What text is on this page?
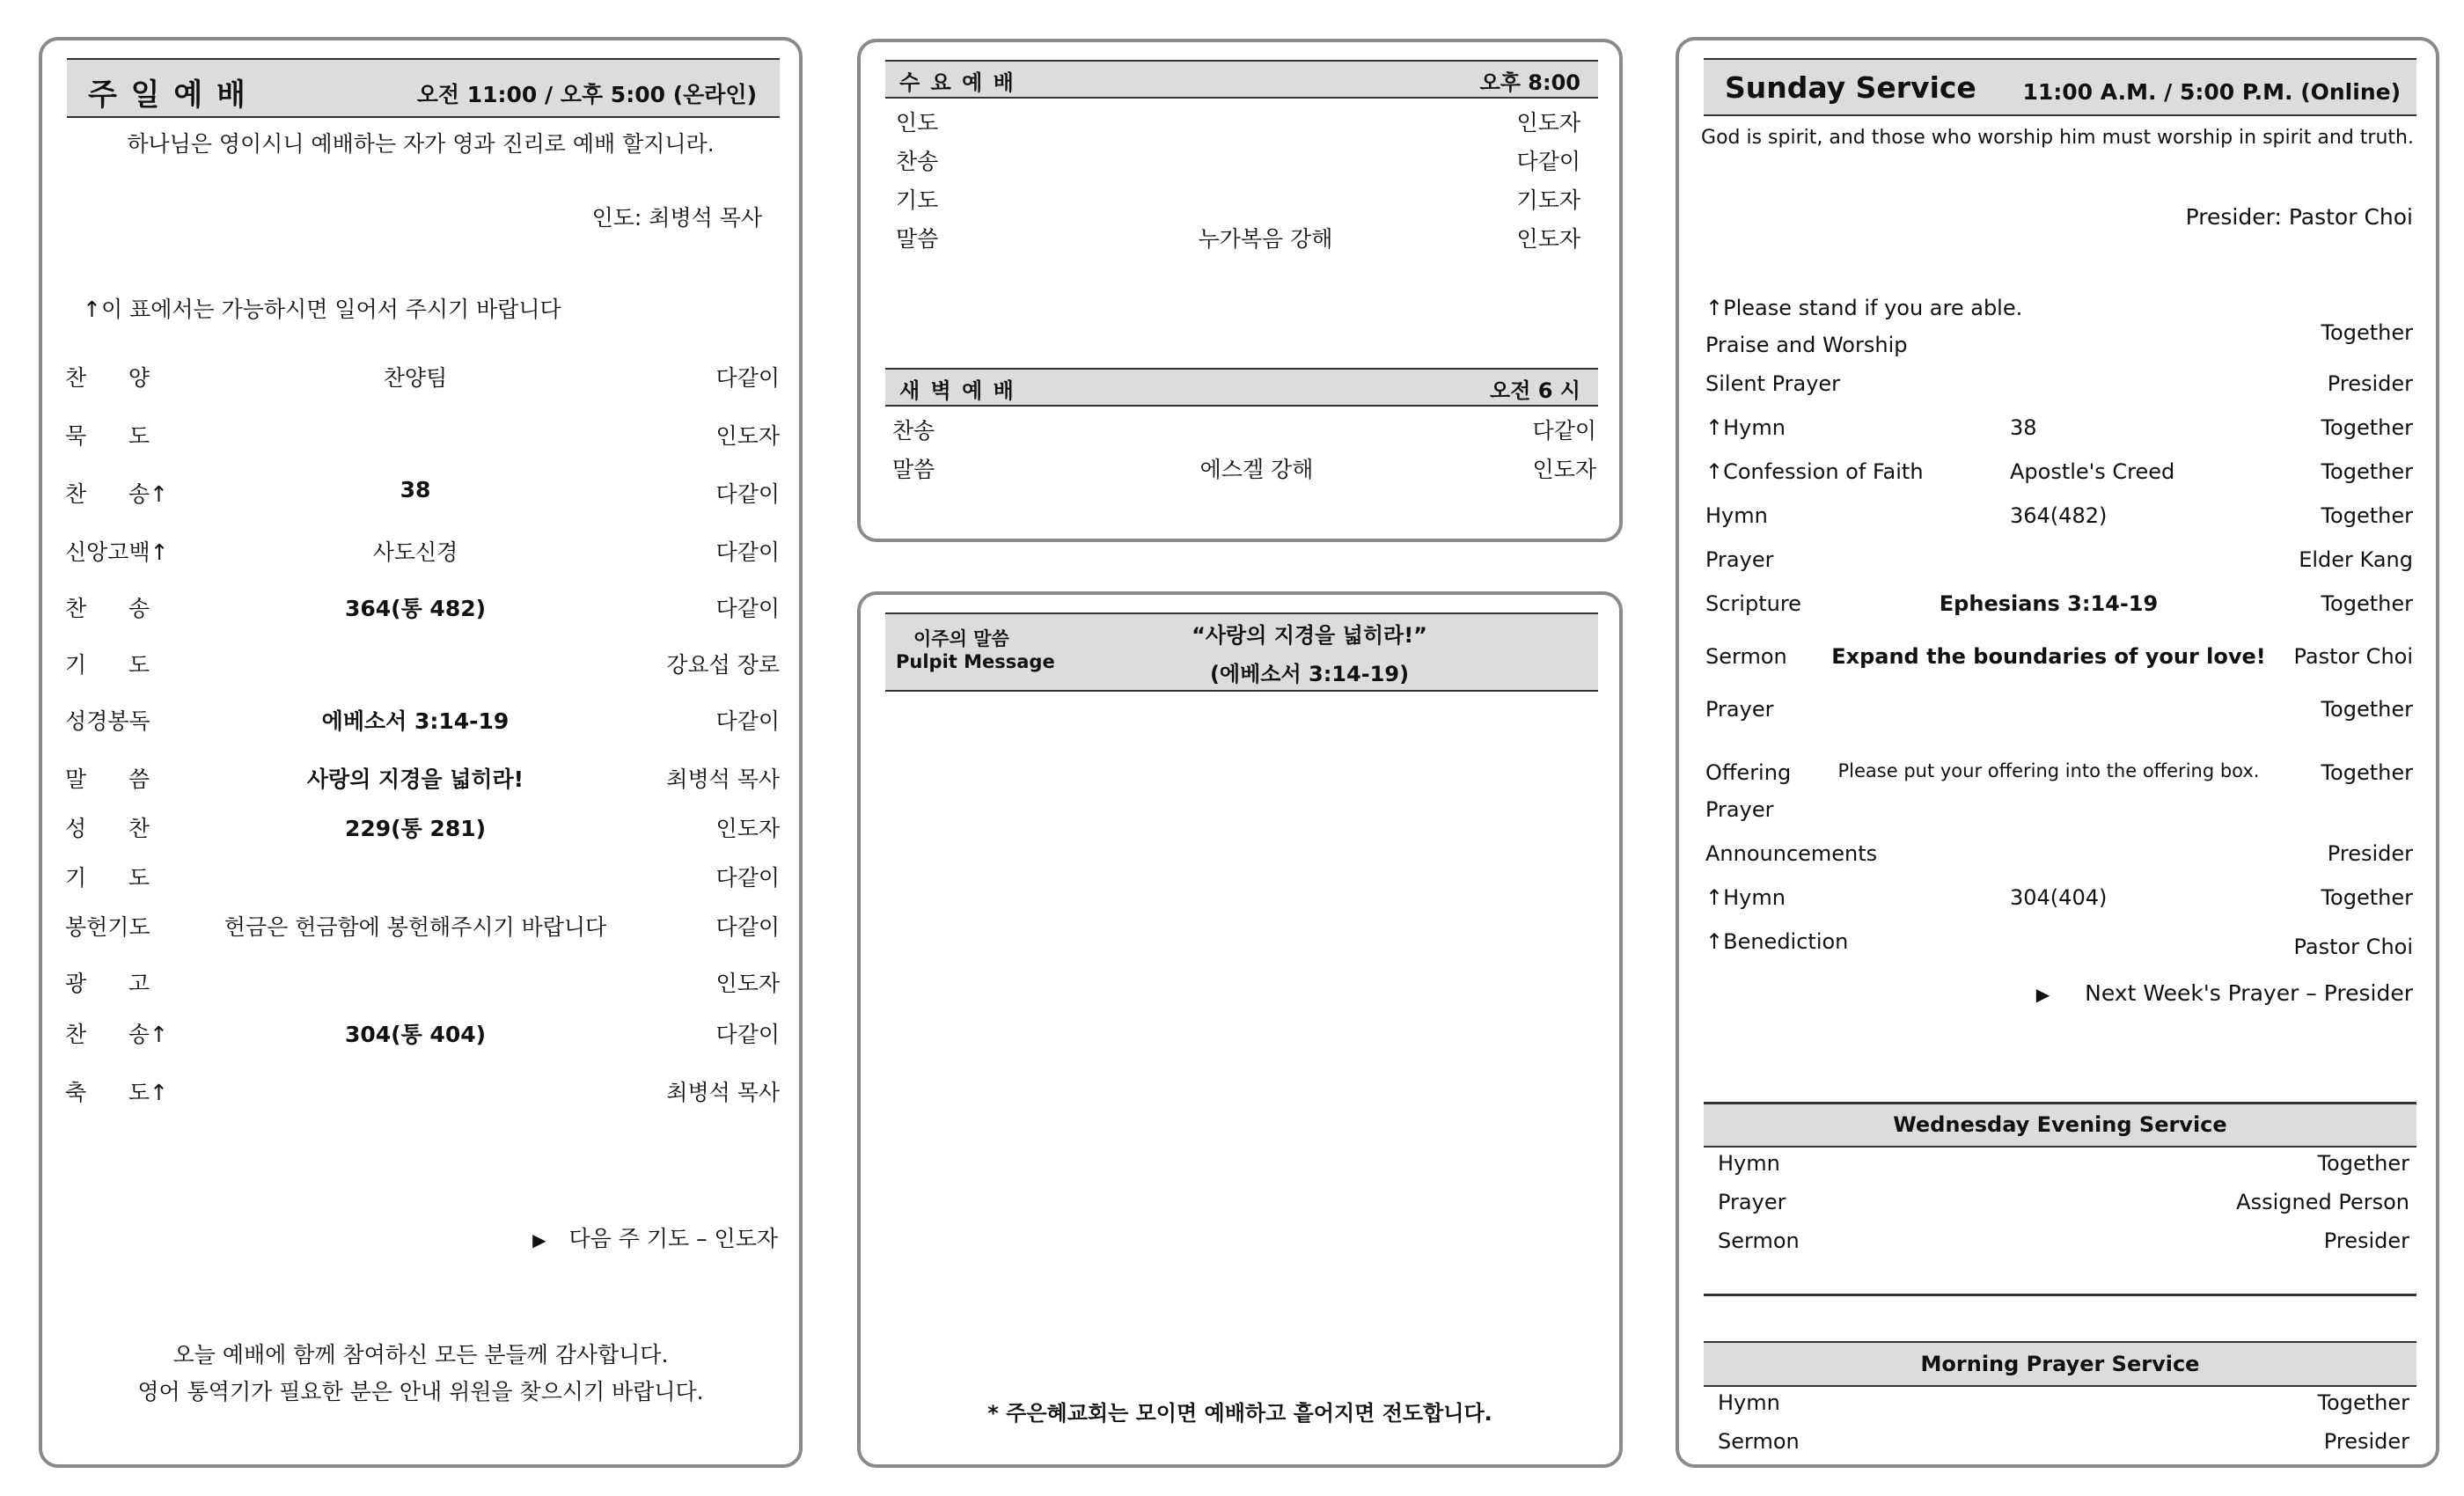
주 일 예 배	오전 11:00 / 오후 5:00 (온라인)
하나님은 영이시니 예배하는 자가 영과 진리로 예배 할지니라.
인도: 최병석 목사
↑이 표에서는 가능하시면 일어서 주시기 바랍니다
찬      양	찬양팀	다같이
묵      도	인도자
찬      송↑	38	다같이
신앙고백↑	사도신경	다같이
찬      송	364(통 482)	다같이
기      도	강요섭 장로
성경봉독	에베소서 3:14-19	다같이
말      씀	사랑의 지경을 넓히라!	최병석 목사
성      찬	229(통 281)	인도자
기      도	다같이
봉헌기도	헌금은 헌금함에 봉헌해주시기 바랍니다	다같이
광      고	인도자
찬      송↑	304(통 404)	다같이
축      도↑	최병석 목사
▶ 다음 주 기도 – 인도자
오늘 예배에 함께 참여하신 모든 분들께 감사합니다.
영어 통역기가 필요한 분은 안내 위원을 찾으시기 바랍니다.
수 요 예 배	오후 8:00
인도	인도자
찬송	다같이
기도	기도자
말씀	누가복음 강해	인도자
새 벽 예 배	오전 6 시
찬송	다같이
말씀	에스겔 강해	인도자
이주의 말씀
Pulpit Message
“사랑의 지경을 넓히라!”
(에베소서 3:14-19)
* 주은혜교회는 모이면 예배하고 흩어지면 전도합니다.
Sunday Service 11:00 A.M. / 5:00 P.M. (Online)
God is spirit, and those who worship him must worship in spirit and truth.
Presider: Pastor Choi
↑Please stand if you are able.
Praise and Worship	Together
Silent Prayer	Presider
↑Hymn	38	Together
↑Confession of Faith	Apostle's Creed	Together
Hymn	364(482)	Together
Prayer	Elder Kang
Scripture	Ephesians 3:14-19	Together
Sermon	Expand the boundaries of your love!	Pastor Choi
Prayer	Together
Offering	Please put your offering into the offering box.	Together
Prayer
Announcements	Presider
↑Hymn	304(404)	Together
↑Benediction	Pastor Choi
▶ Next Week's Prayer – Presider
Wednesday Evening Service
Hymn	Together
Prayer	Assigned Person
Sermon	Presider
Morning Prayer Service
Hymn	Together
Sermon	Presider
